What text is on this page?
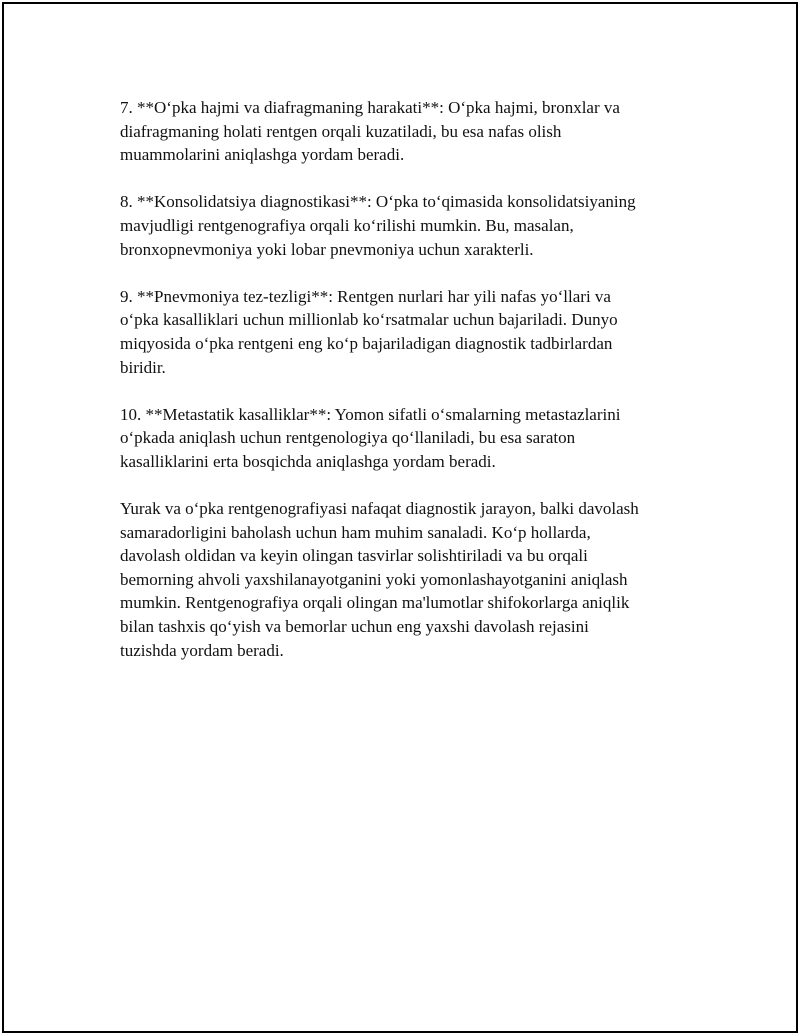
7. **O‘pka hajmi va diafragmaning harakati**: O‘pka hajmi, bronxlar va
diafragmaning holati rentgen orqali kuzatiladi, bu esa nafas olish
muammolarini aniqlashga yordam beradi.

8. **Konsolidatsiya diagnostikasi**: O‘pka to‘qimasida konsolidatsiyaning
mavjudligi rentgenografiya orqali ko‘rilishi mumkin. Bu, masalan,
bronxopnevmoniya yoki lobar pnevmoniya uchun xarakterli.

9. **Pnevmoniya tez-tezligi**: Rentgen nurlari har yili nafas yo‘llari va
o‘pka kasalliklari uchun millionlab ko‘rsatmalar uchun bajariladi. Dunyo
miqyosida o‘pka rentgeni eng ko‘p bajariladigan diagnostik tadbirlardan
biridir.

10. **Metastatik kasalliklar**: Yomon sifatli o‘smalarning metastazlarini
o‘pkada aniqlash uchun rentgenologiya qo‘llaniladi, bu esa saraton
kasalliklarini erta bosqichda aniqlashga yordam beradi.

Yurak va o‘pka rentgenografiyasi nafaqat diagnostik jarayon, balki davolash
samaradorligini baholash uchun ham muhim sanaladi. Ko‘p hollarda,
davolash oldidan va keyin olingan tasvirlar solishtiriladi va bu orqali
bemorning ahvoli yaxshilanayotganini yoki yomonlashayotganini aniqlash
mumkin. Rentgenografiya orqali olingan ma'lumotlar shifokorlarga aniqlik
bilan tashxis qo‘yish va bemorlar uchun eng yaxshi davolash rejasini
tuzishda yordam beradi.
